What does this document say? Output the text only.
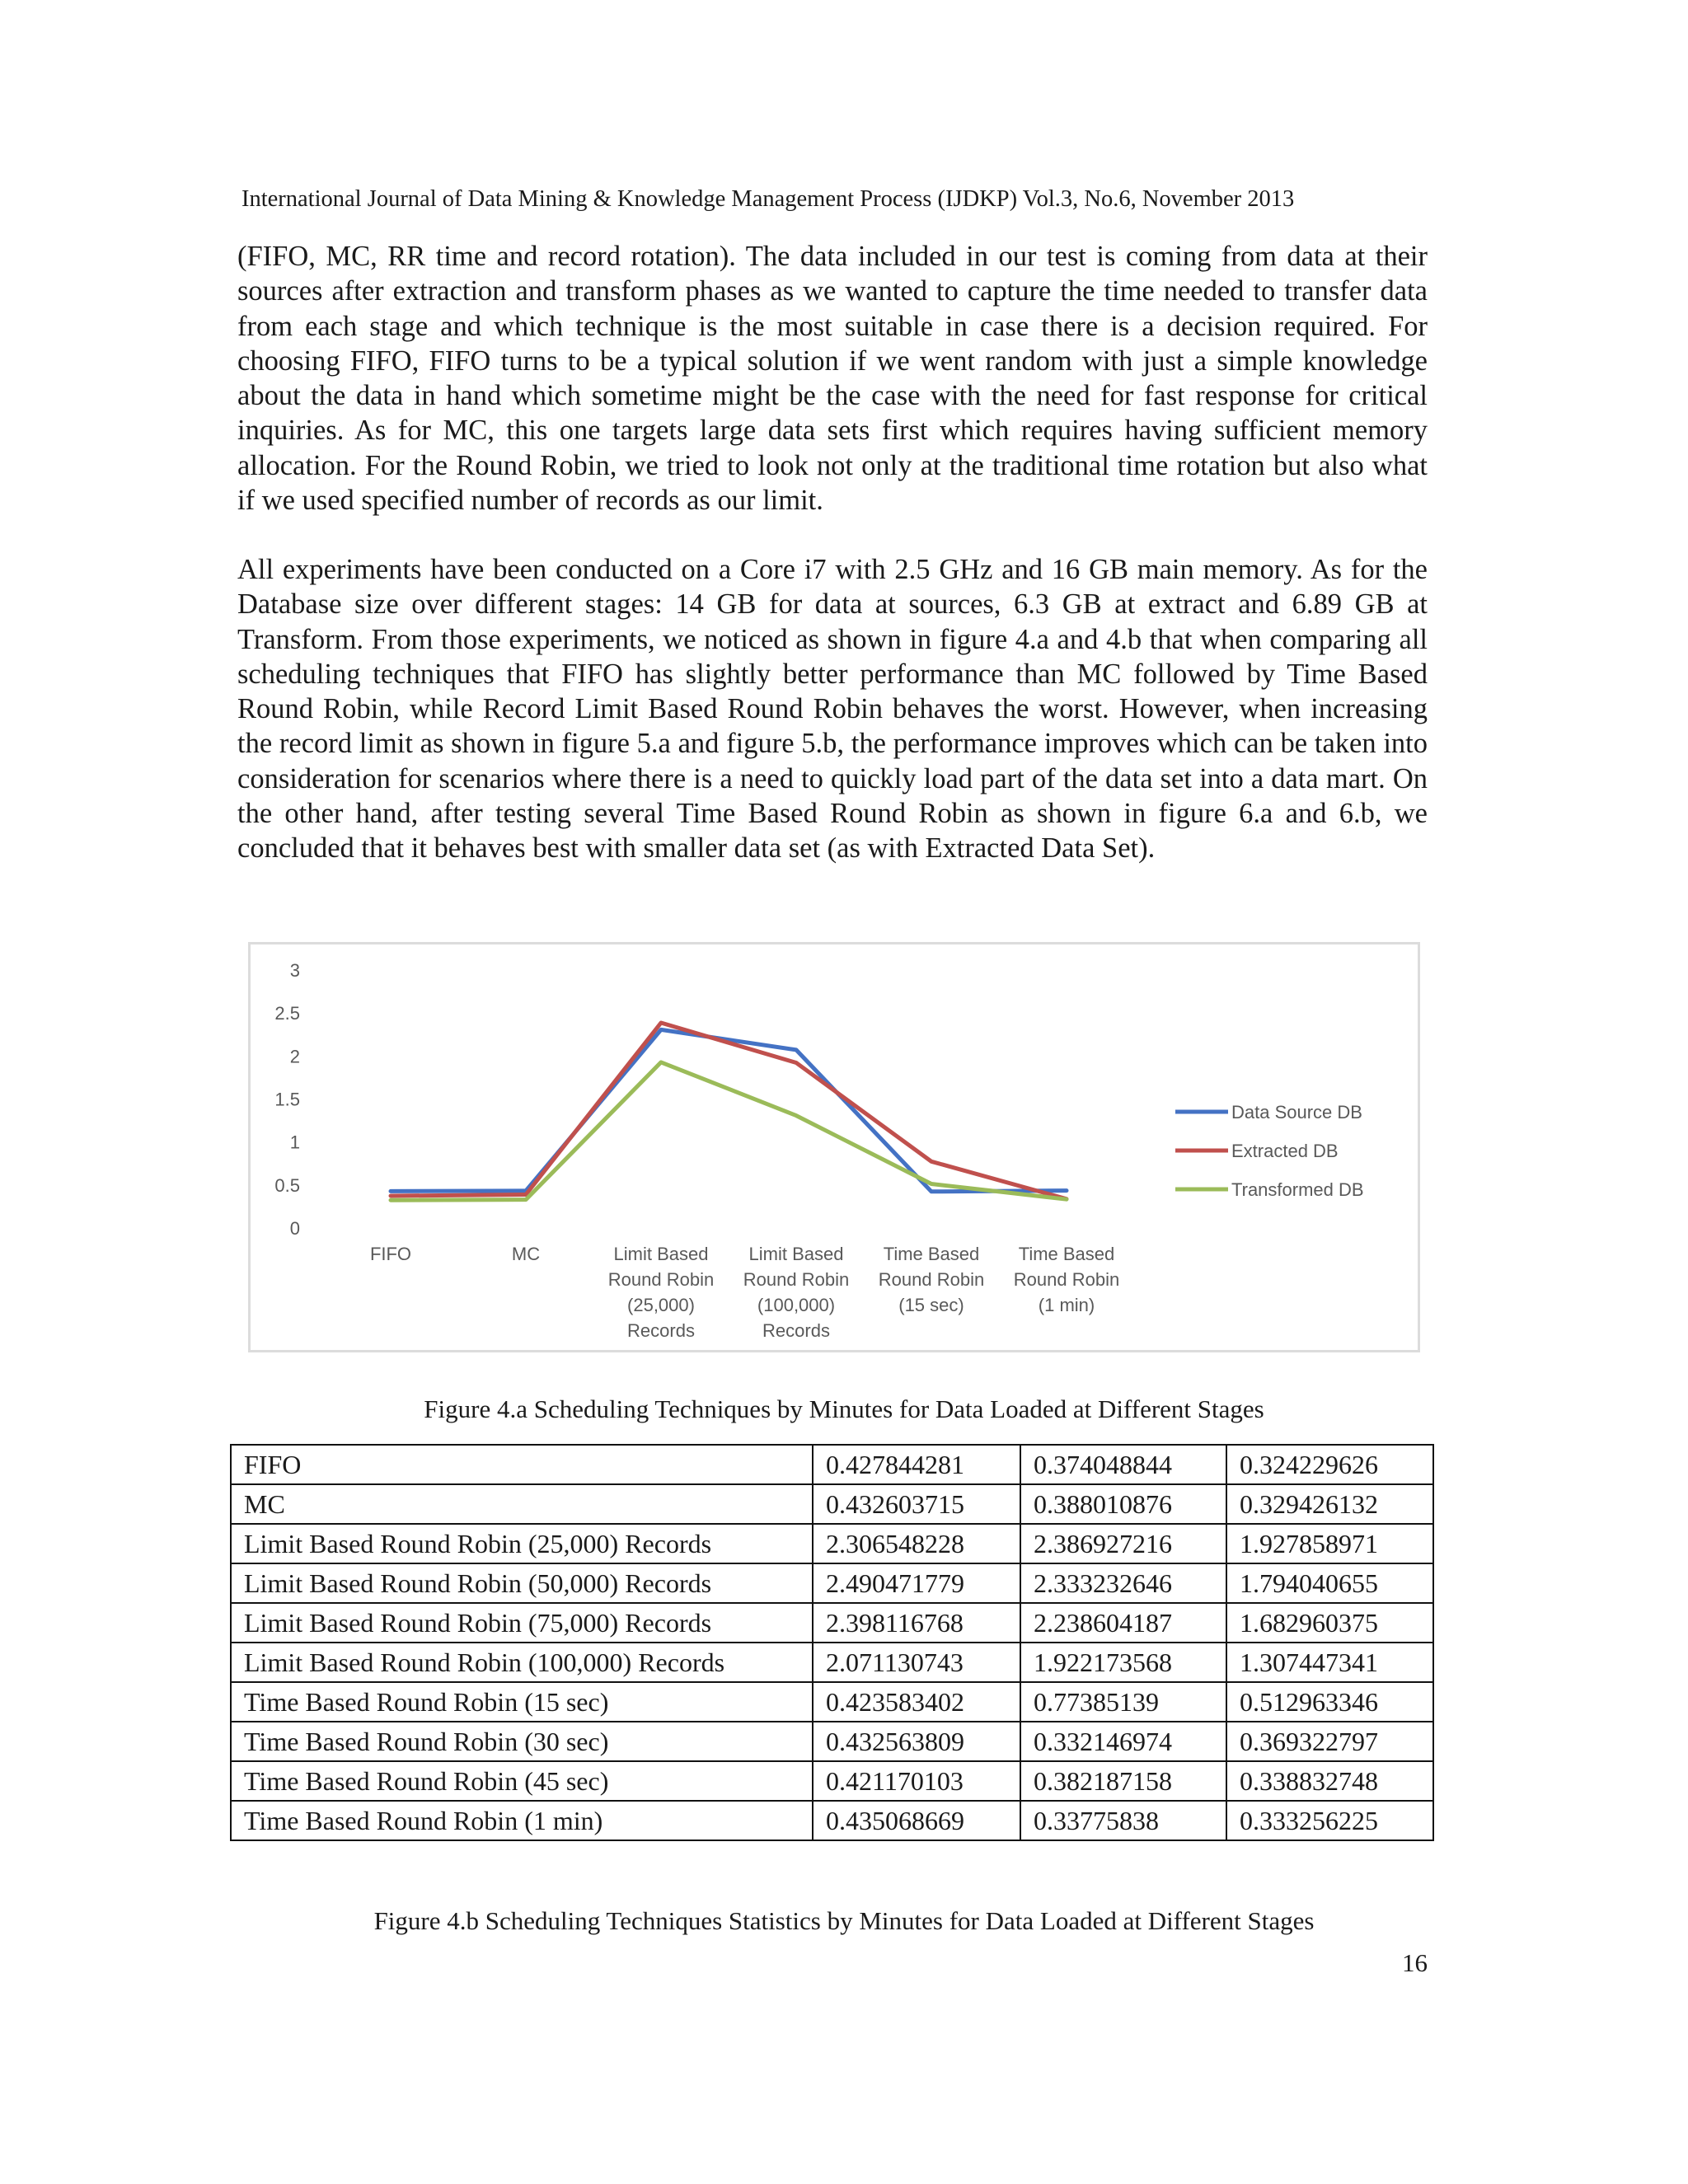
International Journal of Data Mining & Knowledge Management Process (IJDKP) Vol.3, No.6, November 2013

(FIFO, MC, RR time and record rotation). The data included in our test is coming from data at their sources after extraction and transform phases as we wanted to capture the time needed to transfer data from each stage and which technique is the most suitable in case there is a decision required. For choosing FIFO, FIFO turns to be a typical solution if we went random with just a simple knowledge about the data in hand which sometime might be the case with the need for fast response for critical inquiries. As for MC, this one targets large data sets first which requires having sufficient memory allocation. For the Round Robin, we tried to look not only at the traditional time rotation but also what if we used specified number of records as our limit.

All experiments have been conducted on a Core i7 with 2.5 GHz and 16 GB main memory. As for the Database size over different stages: 14 GB for data at sources, 6.3 GB at extract and 6.89 GB at Transform. From those experiments, we noticed as shown in figure 4.a and 4.b that when comparing all scheduling techniques that FIFO has slightly better performance than MC followed by Time Based Round Robin, while Record Limit Based Round Robin behaves the worst. However, when increasing the record limit as shown in figure 5.a and figure 5.b, the performance improves which can be taken into consideration for scenarios where there is a need to quickly load part of the data set into a data mart. On the other hand, after testing several Time Based Round Robin as shown in figure 6.a and 6.b, we concluded that it behaves best with smaller data set (as with Extracted Data Set).

0
0.5
1
1.5
2
2.5
3
FIFO	MC	Limit Based Round Robin (25,000) Records
Limit Based Round Robin (100,000) Records
Time Based Round Robin (15 sec)
Time Based Round Robin (1 min)
Data Source DB
Extracted DB
Transformed DB
Figure 4.a Scheduling Techniques by Minutes for Data Loaded at Different Stages
FIFO	0.427844281	0.374048844	0.324229626
MC	0.432603715	0.388010876	0.329426132
Limit Based Round Robin (25,000) Records	2.306548228	2.386927216	1.927858971
Limit Based Round Robin (50,000) Records	2.490471779	2.333232646	1.794040655
Limit Based Round Robin (75,000) Records	2.398116768	2.238604187	1.682960375
Limit Based Round Robin (100,000) Records	2.071130743	1.922173568	1.307447341
Time Based Round Robin (15 sec)	0.423583402	0.77385139	0.512963346
Time Based Round Robin (30 sec)	0.432563809	0.332146974	0.369322797
Time Based Round Robin (45 sec)	0.421170103	0.382187158	0.338832748
Time Based Round Robin (1 min)	0.435068669	0.33775838	0.333256225
Figure 4.b Scheduling Techniques Statistics by Minutes for Data Loaded at Different Stages
16
